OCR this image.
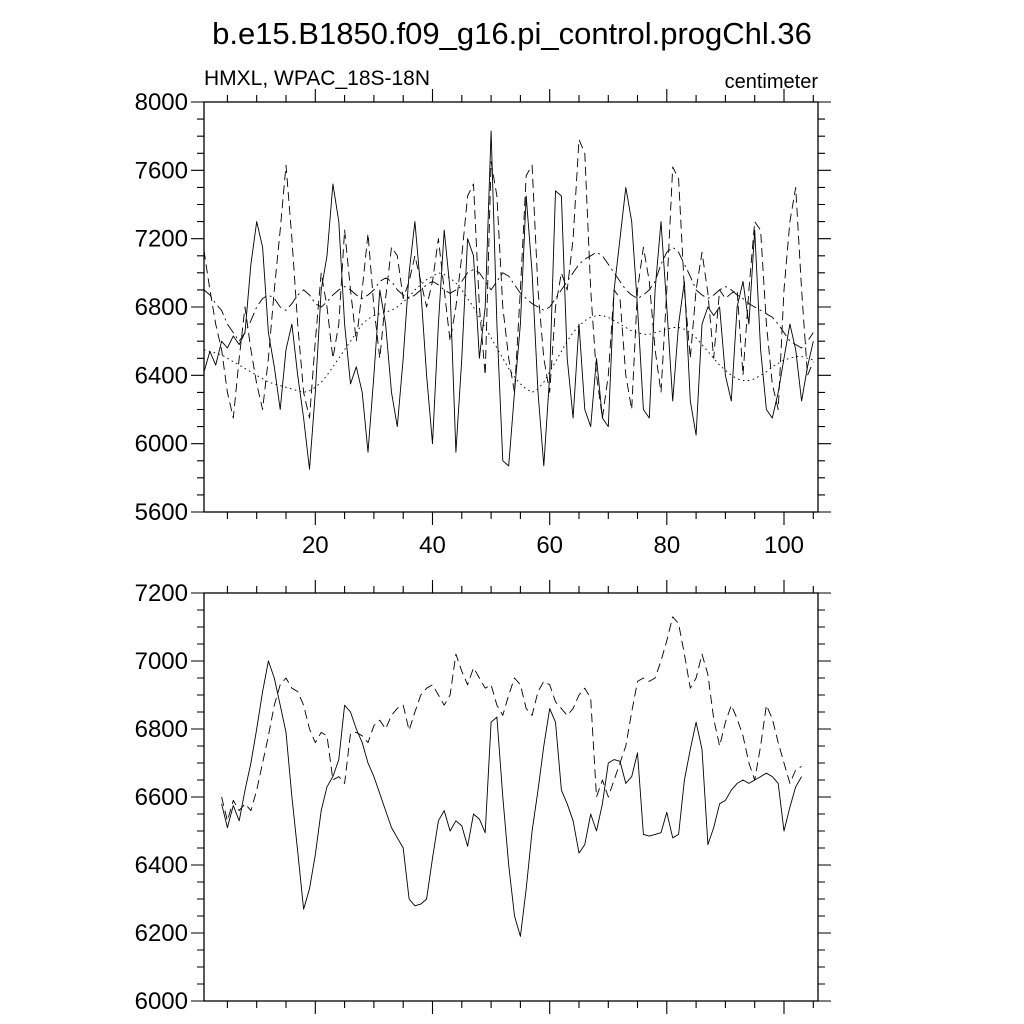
b.e15.B1850.f09_g16.pi_control.progChl.36
HMXL, WPAC_18S-18N	centimeter
5600
6000
6400
6800
7200
7600
8000
20	40	60	80	100
6000
6200
6400
6600
6800
7000
7200
